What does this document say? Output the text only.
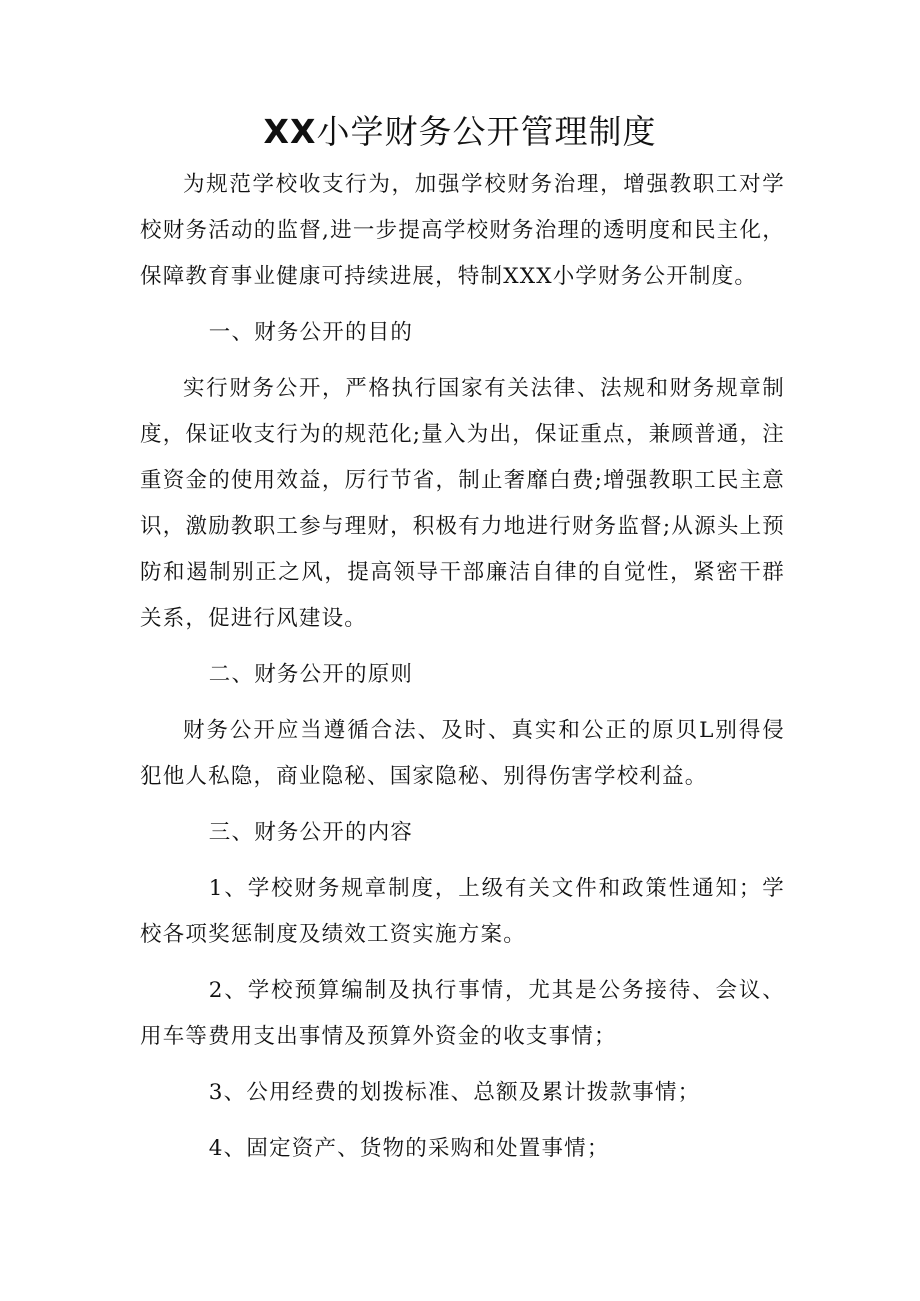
XX小学财务公开管理制度

为规范学校收支行为，加强学校财务治理，增强教职工对学校财务活动的监督,进一步提高学校财务治理的透明度和民主化，保障教育事业健康可持续进展，特制XXX小学财务公开制度。

一、财务公开的目的

实行财务公开，严格执行国家有关法律、法规和财务规章制度，保证收支行为的规范化;量入为出，保证重点，兼顾普通，注重资金的使用效益，厉行节省，制止奢靡白费;增强教职工民主意识，激励教职工参与理财，积极有力地进行财务监督;从源头上预防和遏制别正之风，提高领导干部廉洁自律的自觉性，紧密干群关系，促进行风建设。

二、财务公开的原则

财务公开应当遵循合法、及时、真实和公正的原贝L别得侵犯他人私隐，商业隐秘、国家隐秘、别得伤害学校利益。

三、财务公开的内容

1、学校财务规章制度，上级有关文件和政策性通知；学校各项奖惩制度及绩效工资实施方案。

2、学校预算编制及执行事情，尤其是公务接待、会议、用车等费用支出事情及预算外资金的收支事情；

3、公用经费的划拨标准、总额及累计拨款事情；

4、固定资产、货物的采购和处置事情；
